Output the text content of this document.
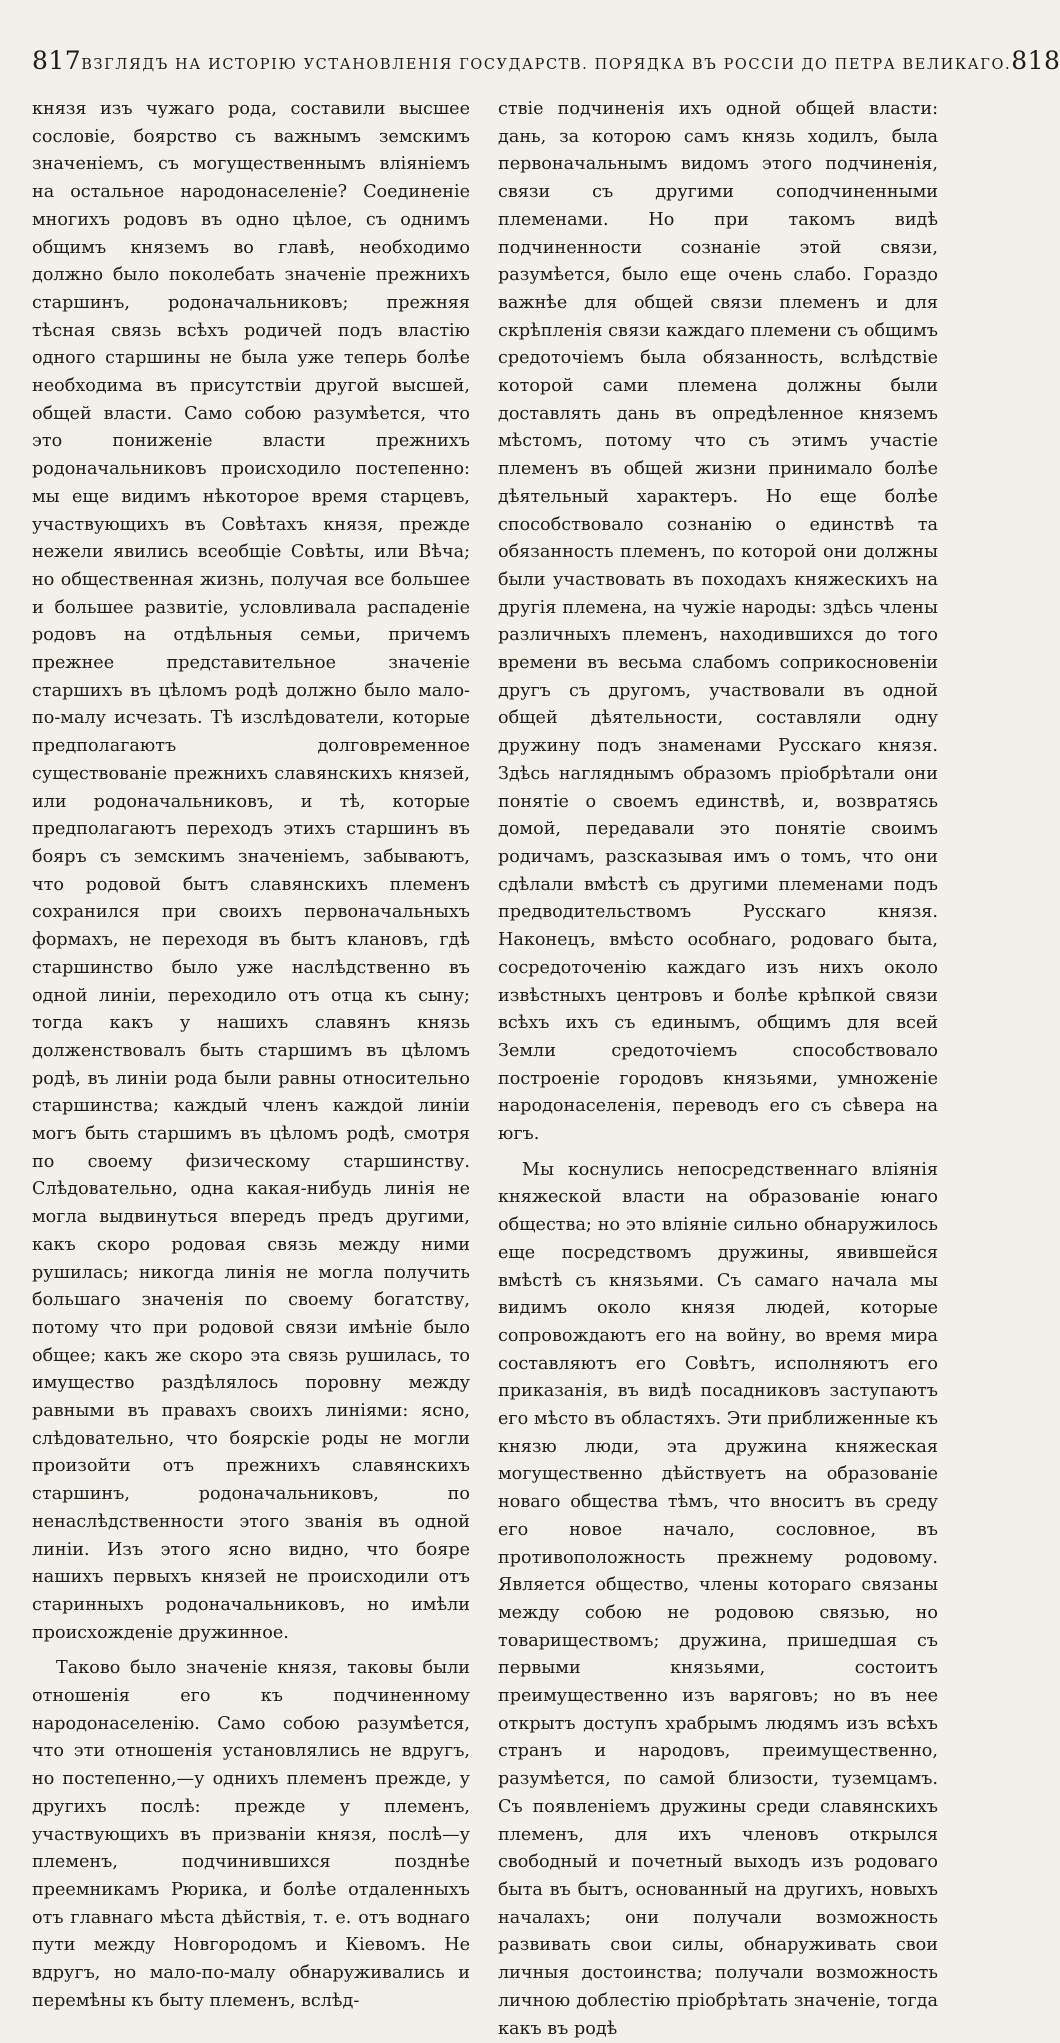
817 ВЗГЛЯДЪ НА ИСТОРІЮ УСТАНОВЛЕНІЯ ГОСУДАРСТВ. ПОРЯДКА ВЪ РОССІИ ДО ПЕТРА ВЕЛИКАГО. 818

князя изъ чужаго рода, составили высшее сословіе, боярство съ важнымъ земскимъ значеніемъ, съ могущественнымъ вліяніемъ на остальное народонаселеніе? Соединеніе многихъ родовъ въ одно цѣлое, съ однимъ общимъ княземъ во главѣ, необходимо должно было поколебать значеніе прежнихъ старшинъ, родоначальниковъ; прежняя тѣсная связь всѣхъ родичей подъ властію одного старшины не была уже теперь болѣе необходима въ присутствіи другой высшей, общей власти. Само собою разумѣется, что это пониженіе власти прежнихъ родоначальниковъ происходило постепенно: мы еще видимъ нѣкоторое время старцевъ, участвующихъ въ Совѣтахъ князя, прежде нежели явились всеобщіе Совѣты, или Вѣча; но общественная жизнь, получая все большее и большее развитіе, условливала распаденіе родовъ на отдѣльныя семьи, причемъ прежнее представительное значеніе старшихъ въ цѣломъ родѣ должно было мало-по-малу исчезать. Тѣ изслѣдователи, которые предполагаютъ долговременное существованіе прежнихъ славянскихъ князей, или родоначальниковъ, и тѣ, которые предполагаютъ переходъ этихъ старшинъ въ бояръ съ земскимъ значеніемъ, забываютъ, что родовой бытъ славянскихъ племенъ сохранился при своихъ первоначальныхъ формахъ, не переходя въ бытъ клановъ, гдѣ старшинство было уже наслѣдственно въ одной линіи, переходило отъ отца къ сыну; тогда какъ у нашихъ славянъ князь долженствовалъ быть старшимъ въ цѣломъ родѣ, въ линіи рода были равны относительно старшинства; каждый членъ каждой линіи могъ быть старшимъ въ цѣломъ родѣ, смотря по своему физическому старшинству. Слѣдовательно, одна какая-нибудь линія не могла выдвинуться впередъ предъ другими, какъ скоро родовая связь между ними рушилась; никогда линія не могла получить большаго значенія по своему богатству, потому что при родовой связи имѣніе было общее; какъ же скоро эта связь рушилась, то имущество раздѣлялось поровну между равными въ правахъ своихъ линіями: ясно, слѣдовательно, что боярскіе роды не могли произойти отъ прежнихъ славянскихъ старшинъ, родоначальниковъ, по ненаслѣдственности этого званія въ одной линіи. Изъ этого ясно видно, что бояре нашихъ первыхъ князей не происходили отъ старинныхъ родоначальниковъ, но имѣли происхожденіе дружинное.

Таково было значеніе князя, таковы были отношенія его къ подчиненному народонаселенію. Само собою разумѣется, что эти отношенія установлялись не вдругъ, но постепенно,—у однихъ племенъ прежде, у другихъ послѣ: прежде у племенъ, участвующихъ въ призваніи князя, послѣ—у племенъ, подчинившихся позднѣе преемникамъ Рюрика, и болѣе отдаленныхъ отъ главнаго мѣста дѣйствія, т. е. отъ воднаго пути между Новгородомъ и Кіевомъ. Не вдругъ, но мало-по-малу обнаруживались и перемѣны къ быту племенъ, вслѣд-

ствіе подчиненія ихъ одной общей власти: дань, за которою самъ князь ходилъ, была первоначальнымъ видомъ этого подчиненія, связи съ другими соподчиненными племенами. Но при такомъ видѣ подчиненности сознаніе этой связи, разумѣется, было еще очень слабо. Гораздо важнѣе для общей связи племенъ и для скрѣпленія связи каждаго племени съ общимъ средоточіемъ была обязанность, вслѣдствіе которой сами племена должны были доставлять дань въ опредѣленное княземъ мѣстомъ, потому что съ этимъ участіе племенъ въ общей жизни принимало болѣе дѣятельный характеръ. Но еще болѣе способствовало сознанію о единствѣ та обязанность племенъ, по которой они должны были участвовать въ походахъ княжескихъ на другія племена, на чужіе народы: здѣсь члены различныхъ племенъ, находившихся до того времени въ весьма слабомъ соприкосновеніи другъ съ другомъ, участвовали въ одной общей дѣятельности, составляли одну дружину подъ знаменами Русскаго князя. Здѣсь нагляднымъ образомъ пріобрѣтали они понятіе о своемъ единствѣ, и, возвратясь домой, передавали это понятіе своимъ родичамъ, разсказывая имъ о томъ, что они сдѣлали вмѣстѣ съ другими племенами подъ предводительствомъ Русскаго князя. Наконецъ, вмѣсто особнаго, родоваго быта, сосредоточенію каждаго изъ нихъ около извѣстныхъ центровъ и болѣе крѣпкой связи всѣхъ ихъ съ единымъ, общимъ для всей Земли средоточіемъ способствовало построеніе городовъ князьями, умноженіе народонаселенія, переводъ его съ сѣвера на югъ.

Мы коснулись непосредственнаго вліянія княжеской власти на образованіе юнаго общества; но это вліяніе сильно обнаружилось еще посредствомъ дружины, явившейся вмѣстѣ съ князьями. Съ самаго начала мы видимъ около князя людей, которые сопровождаютъ его на войну, во время мира составляютъ его Совѣтъ, исполняютъ его приказанія, въ видѣ посадниковъ заступаютъ его мѣсто въ областяхъ. Эти приближенные къ князю люди, эта дружина княжеская могущественно дѣйствуетъ на образованіе новаго общества тѣмъ, что вноситъ въ среду его новое начало, сословное, въ противоположность прежнему родовому. Является общество, члены котораго связаны между собою не родовою связью, но товариществомъ; дружина, пришедшая съ первыми князьями, состоитъ преимущественно изъ варяговъ; но въ нее открытъ доступъ храбрымъ людямъ изъ всѣхъ странъ и народовъ, преимущественно, разумѣется, по самой близости, туземцамъ. Съ появленіемъ дружины среди славянскихъ племенъ, для ихъ членовъ открылся свободный и почетный выходъ изъ родоваго быта въ бытъ, основанный на другихъ, новыхъ началахъ; они получали возможность развивать свои силы, обнаруживать свои личныя достоинства; получали возможность личною доблестію пріобрѣтать значеніе, тогда какъ въ родѣ
